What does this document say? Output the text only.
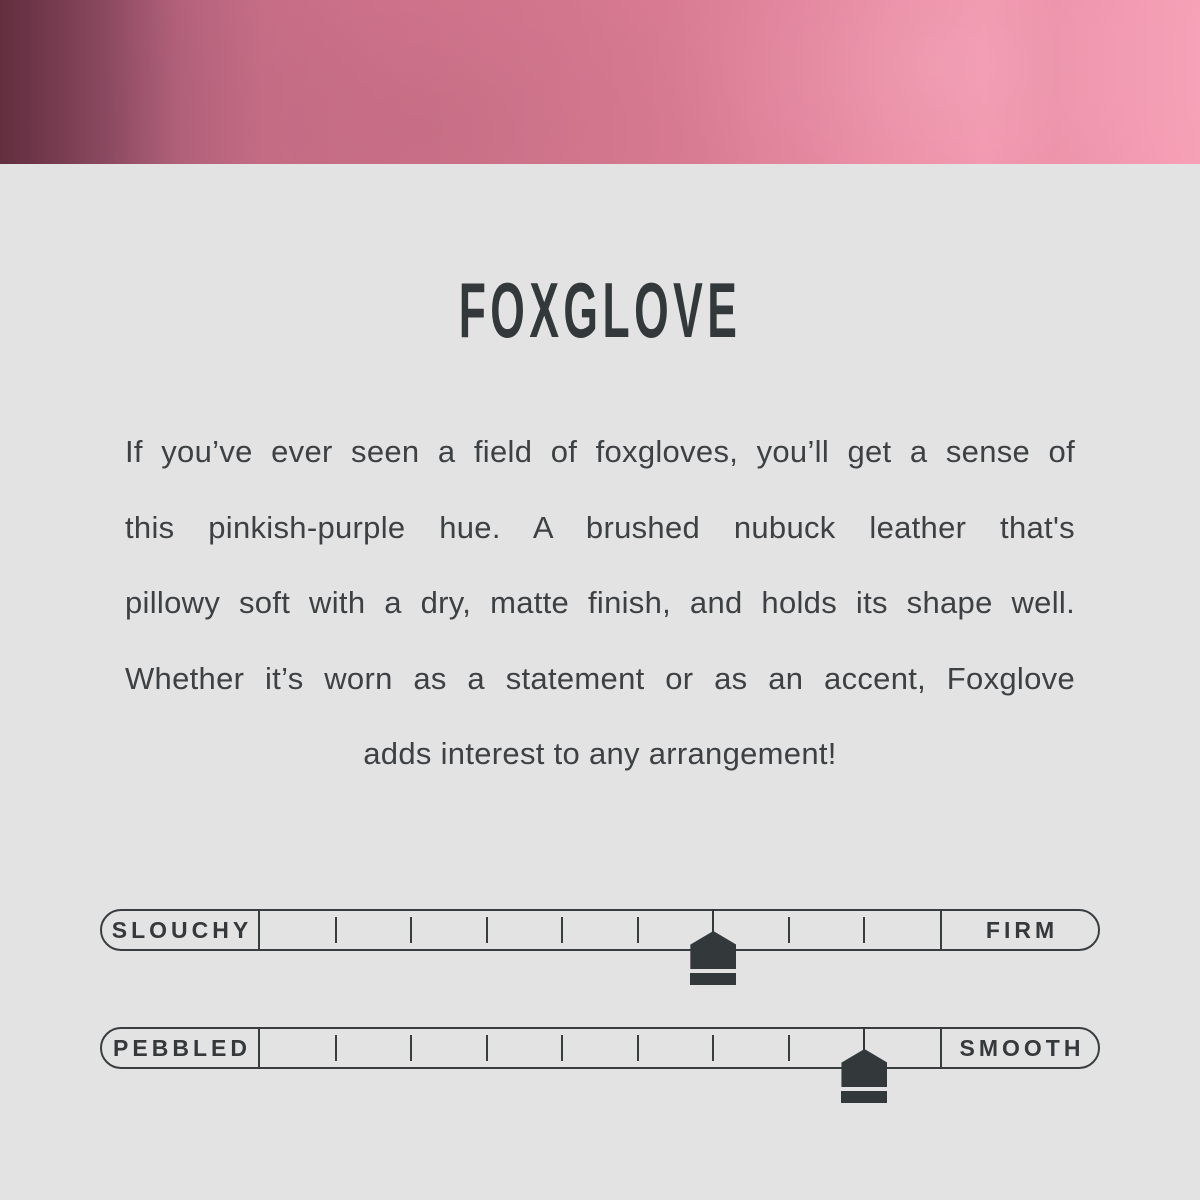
FOXGLOVE
If you’ve ever seen a field of foxgloves, you’ll get a sense of
this pinkish-purple hue. A brushed nubuck leather that's
pillowy soft with a dry, matte finish, and holds its shape well.
Whether it’s worn as a statement or as an accent, Foxglove
adds interest to any arrangement!
SLOUCHY	FIRM
PEBBLED	SMOOTH
